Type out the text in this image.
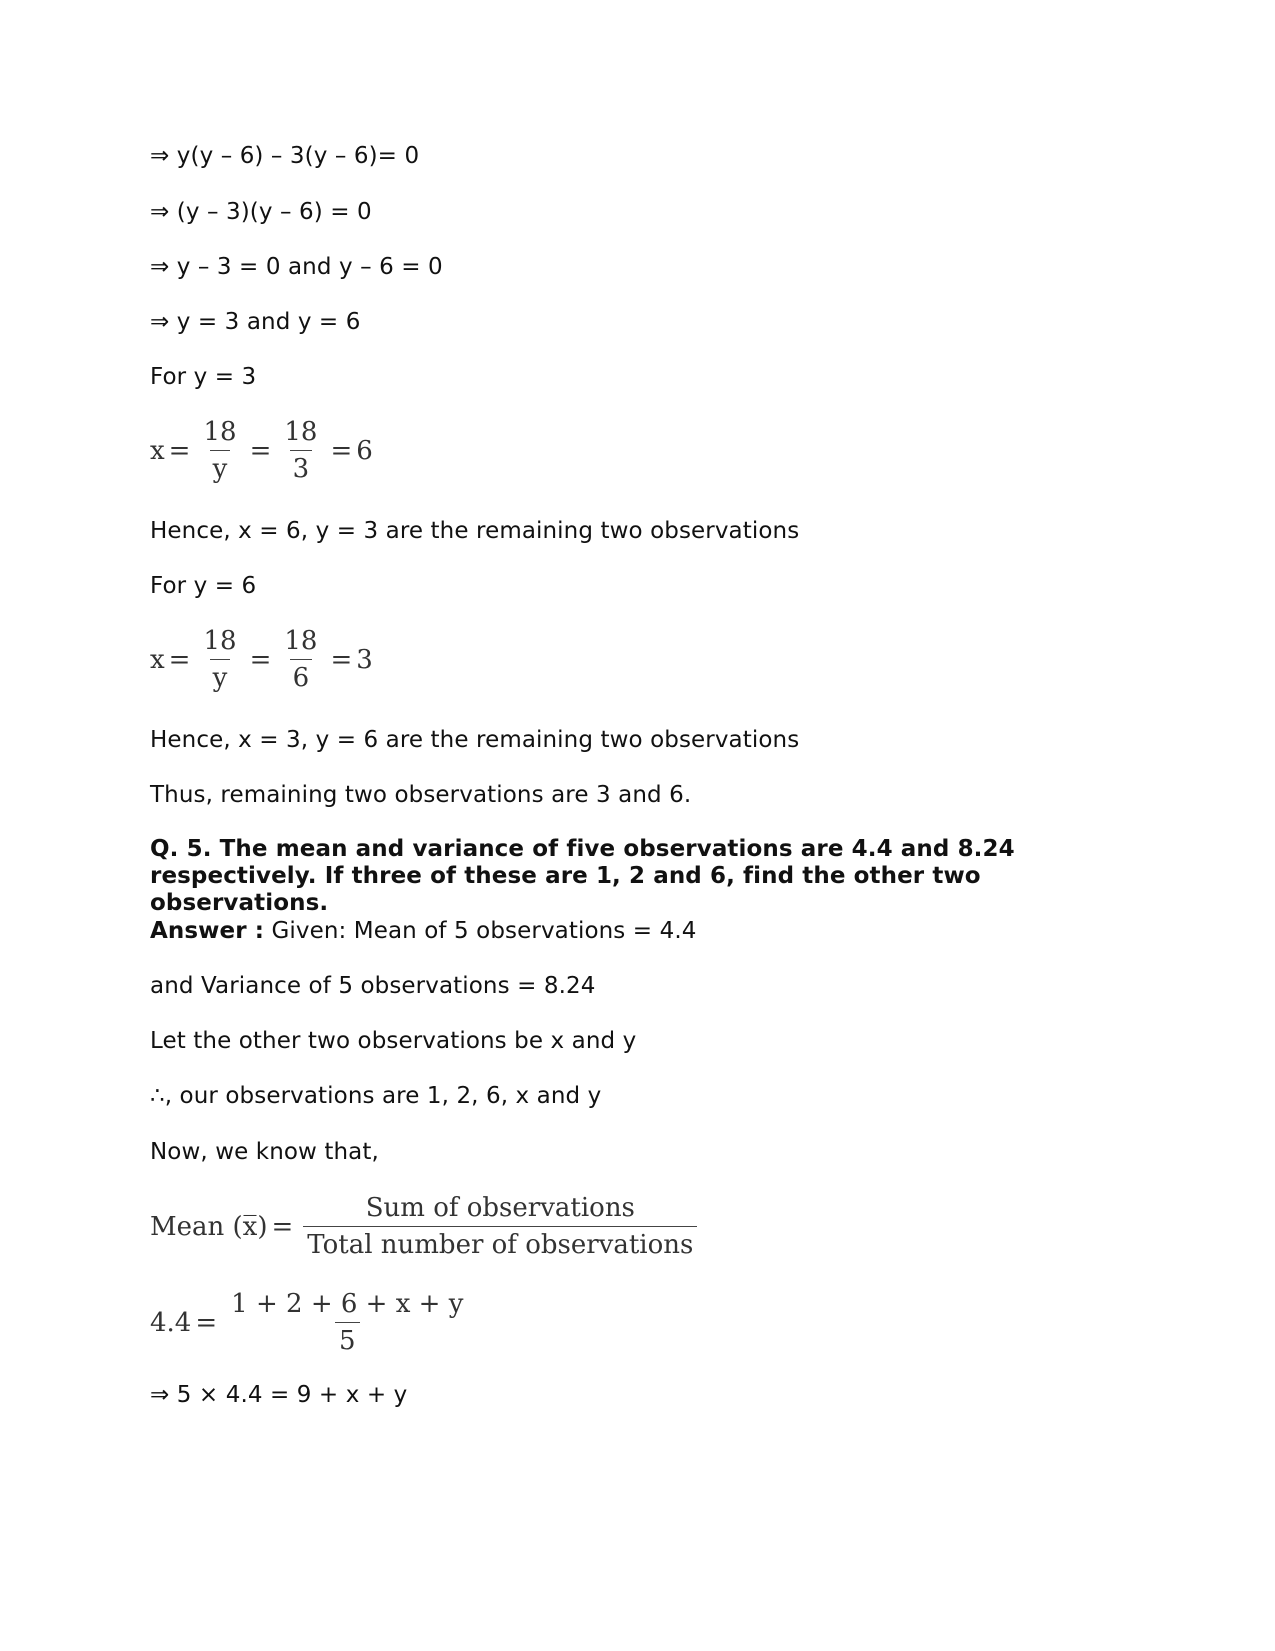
⇒ y(y – 6) – 3(y – 6)= 0
⇒ (y – 3)(y – 6) = 0
⇒ y – 3 = 0 and y – 6 = 0
⇒ y = 3 and y = 6
For y = 3
$x = \frac{18}{y} = \frac{18}{3} = 6$
Hence, x = 6, y = 3 are the remaining two observations
For y = 6
$x = \frac{18}{y} = \frac{18}{6} = 3$
Hence, x = 3, y = 6 are the remaining two observations
Thus, remaining two observations are 3 and 6.
Q. 5. The mean and variance of five observations are 4.4 and 8.24 respectively. If three of these are 1, 2 and 6, find the other two observations.
Answer : Given: Mean of 5 observations = 4.4
and Variance of 5 observations = 8.24
Let the other two observations be x and y
∴, our observations are 1, 2, 6, x and y
Now, we know that,
Mean (x̅) = $\frac{\text{Sum of observations}}{\text{Total number of observations}}$
$4.4 = \frac{1 + 2 + 6 + x + y}{5}$
⇒ 5 × 4.4 = 9 + x + y
